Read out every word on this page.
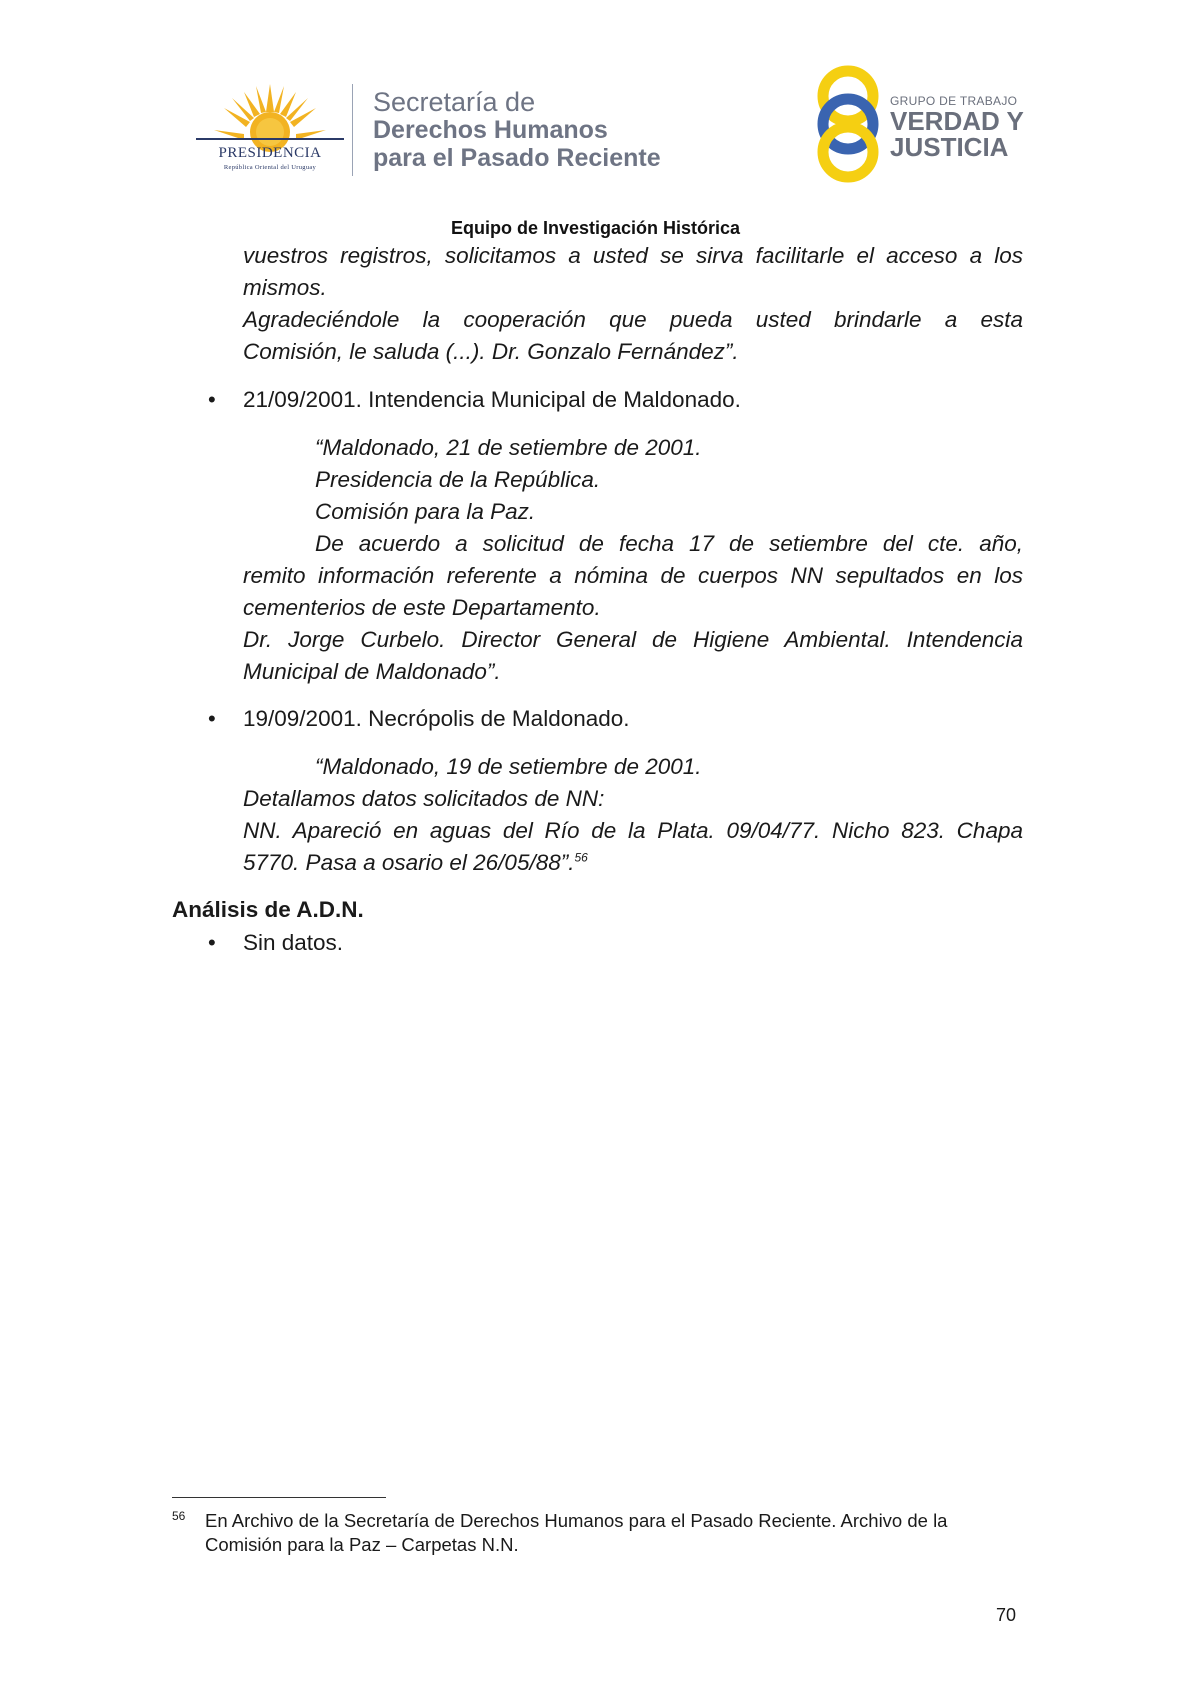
PRESIDENCIA
República Oriental del Uruguay
Secretaría de
Derechos Humanos
para el Pasado Reciente
GRUPO DE TRABAJO
VERDAD Y
JUSTICIA
Equipo de Investigación Histórica
vuestros registros, solicitamos a usted se sirva facilitarle el acceso a los
mismos.
Agradeciéndole la cooperación que pueda usted brindarle a esta
Comisión, le saluda (...). Dr. Gonzalo Fernández”.
• 21/09/2001. Intendencia Municipal de Maldonado.
“Maldonado, 21 de setiembre de 2001.
Presidencia de la República.
Comisión para la Paz.
De acuerdo a solicitud de fecha 17 de setiembre del cte. año,
remito información referente a nómina de cuerpos NN sepultados en los
cementerios de este Departamento.
Dr. Jorge Curbelo. Director General de Higiene Ambiental. Intendencia
Municipal de Maldonado”.
• 19/09/2001. Necrópolis de Maldonado.
“Maldonado, 19 de setiembre de 2001.
Detallamos datos solicitados de NN:
NN. Apareció en aguas del Río de la Plata. 09/04/77. Nicho 823. Chapa
5770. Pasa a osario el 26/05/88”.$^{56}$
Análisis de A.D.N.
• Sin datos.
56 En Archivo de la Secretaría de Derechos Humanos para el Pasado Reciente. Archivo de la
Comisión para la Paz – Carpetas N.N.
70
